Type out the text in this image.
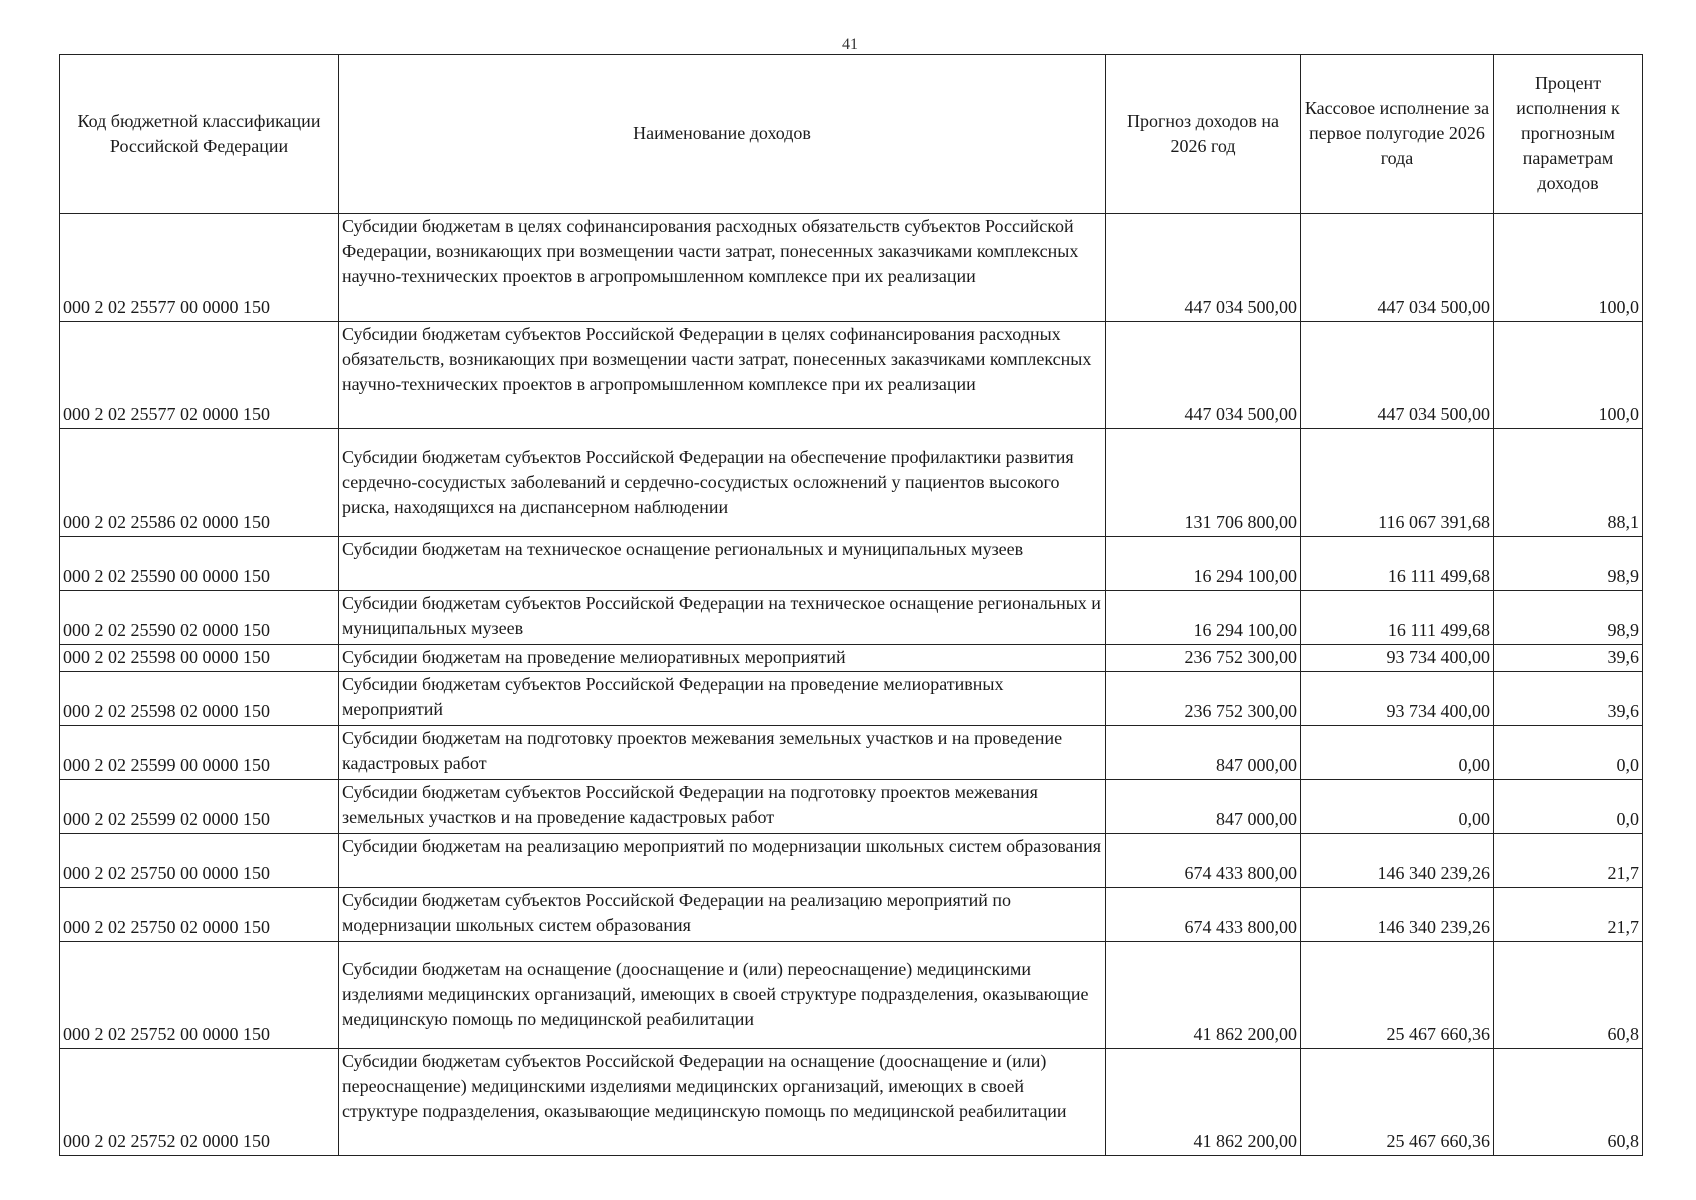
41
Код бюджетной классификации Российской Федерации	Наименование доходов	Прогноз доходов на 2026 год	Кассовое исполнение за первое полугодие 2026 года	Процент исполнения к прогнозным параметрам доходов

000 2 02 25577 00 0000 150	Субсидии бюджетам в целях софинансирования расходных обязательств субъектов Российской Федерации, возникающих при возмещении части затрат, понесенных заказчиками комплексных научно-технических проектов в агропромышленном комплексе при их реализации	447 034 500,00	447 034 500,00	100,0
000 2 02 25577 02 0000 150	Субсидии бюджетам субъектов Российской Федерации в целях софинансирования расходных обязательств, возникающих при возмещении части затрат, понесенных заказчиками комплексных научно-технических проектов в агропромышленном комплексе при их реализации	447 034 500,00	447 034 500,00	100,0
000 2 02 25586 02 0000 150	Субсидии бюджетам субъектов Российской Федерации на обеспечение профилактики развития сердечно-сосудистых заболеваний и сердечно-сосудистых осложнений у пациентов высокого риска, находящихся на диспансерном наблюдении	131 706 800,00	116 067 391,68	88,1
000 2 02 25590 00 0000 150	Субсидии бюджетам на техническое оснащение региональных и муниципальных музеев	16 294 100,00	16 111 499,68	98,9
000 2 02 25590 02 0000 150	Субсидии бюджетам субъектов Российской Федерации на техническое оснащение региональных и муниципальных музеев	16 294 100,00	16 111 499,68	98,9
000 2 02 25598 00 0000 150	Субсидии бюджетам на проведение мелиоративных мероприятий	236 752 300,00	93 734 400,00	39,6
000 2 02 25598 02 0000 150	Субсидии бюджетам субъектов Российской Федерации на проведение мелиоративных мероприятий	236 752 300,00	93 734 400,00	39,6
000 2 02 25599 00 0000 150	Субсидии бюджетам на подготовку проектов межевания земельных участков и на проведение кадастровых работ	847 000,00	0,00	0,0
000 2 02 25599 02 0000 150	Субсидии бюджетам субъектов Российской Федерации на подготовку проектов межевания земельных участков и на проведение кадастровых работ	847 000,00	0,00	0,0
000 2 02 25750 00 0000 150	Субсидии бюджетам на реализацию мероприятий по модернизации школьных систем образования	674 433 800,00	146 340 239,26	21,7
000 2 02 25750 02 0000 150	Субсидии бюджетам субъектов Российской Федерации на реализацию мероприятий по модернизации школьных систем образования	674 433 800,00	146 340 239,26	21,7
000 2 02 25752 00 0000 150	Субсидии бюджетам на оснащение (дооснащение и (или) переоснащение) медицинскими изделиями медицинских организаций, имеющих в своей структуре подразделения, оказывающие медицинскую помощь по медицинской реабилитации	41 862 200,00	25 467 660,36	60,8
000 2 02 25752 02 0000 150	Субсидии бюджетам субъектов Российской Федерации на оснащение (дооснащение и (или) переоснащение) медицинскими изделиями медицинских организаций, имеющих в своей структуре подразделения, оказывающие медицинскую помощь по медицинской реабилитации	41 862 200,00	25 467 660,36	60,8
